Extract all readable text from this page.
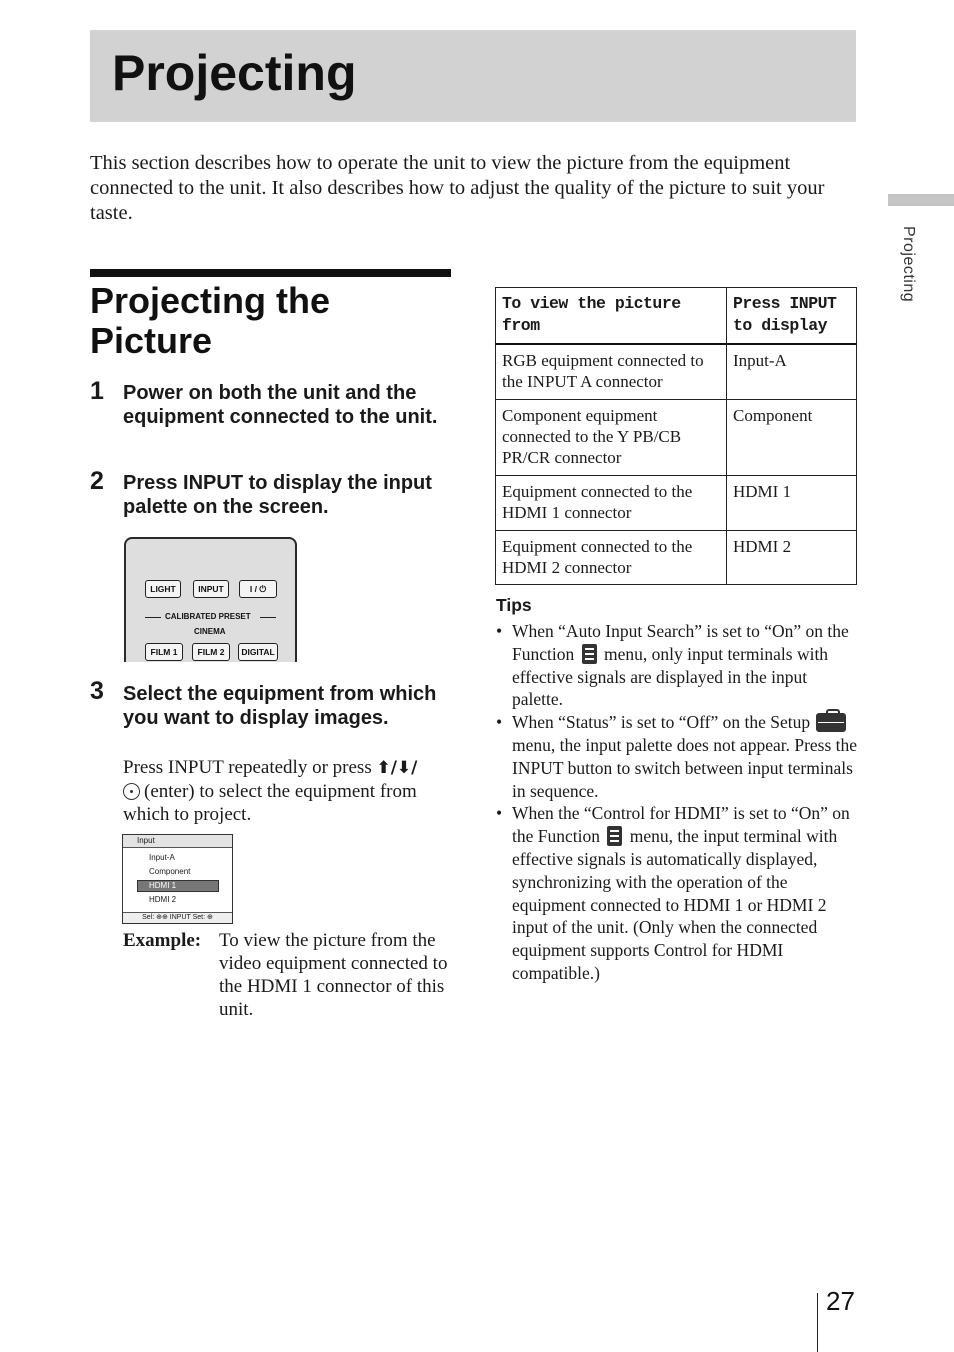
Projecting

This section describes how to operate the unit to view the picture from the equipment connected to the unit. It also describes how to adjust the quality of the picture to suit your taste.

Projecting
Projecting the
Picture
1 Power on both the unit and the equipment connected to the unit.

2 Press INPUT to display the input palette on the screen.

LIGHT	INPUT	I / ⏻
CALIBRATED PRESET
CINEMA
FILM 1	FILM 2	DIGITAL
3 Select the equipment from which you want to display images.

Press INPUT repeatedly or press ⬆/⬇/
(enter) to select the equipment from which to project.

Input
Input-A
Component
HDMI 1
HDMI 2
Sel: ⊕⊕ INPUT Set: ⊕
Example: To view the picture from the video equipment connected to the HDMI 1 connector of this unit.

To view the picture from	Press INPUT to display
RGB equipment connected to the INPUT A connector	Input-A
Component equipment connected to the Y PB/CB PR/CR connector	Component
Equipment connected to the HDMI 1 connector	HDMI 1
Equipment connected to the HDMI 2 connector	HDMI 2
Tips
• When “Auto Input Search” is set to “On” on the Function menu, only input terminals with effective signals are displayed in the input palette.
• When “Status” is set to “Off” on the Setup  menu, the input palette does not appear. Press the INPUT button to switch between input terminals in sequence.
• When the “Control for HDMI” is set to “On” on the Function menu, the input terminal with effective signals is automatically displayed, synchronizing with the operation of the equipment connected to HDMI 1 or HDMI 2 input of the unit. (Only when the connected equipment supports Control for HDMI compatible.)
27
